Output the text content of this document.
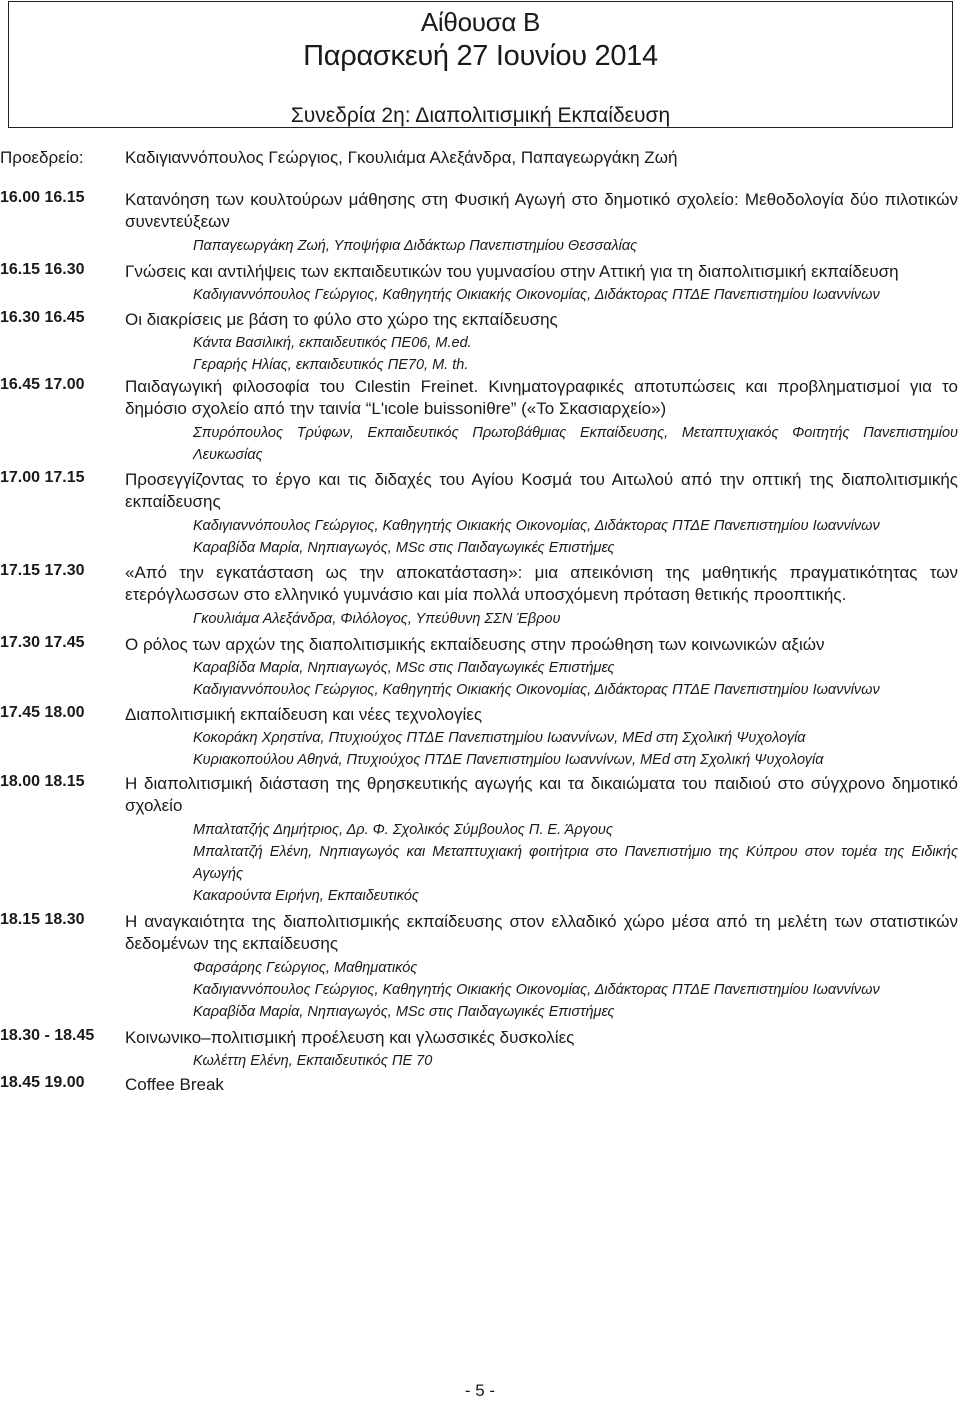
Αίθουσα Β
Παρασκευή 27 Ιουνίου 2014
Συνεδρία 2η: Διαπολιτισμική Εκπαίδευση
Προεδρείο: Καδιγιαννόπουλος Γεώργιος, Γκουλιάμα Αλεξάνδρα, Παπαγεωργάκη Ζωή
16.00 16.15 Κατανόηση των κουλτούρων μάθησης στη Φυσική Αγωγή στο δημοτικό σχολείο: Μεθοδολογία δύο πιλοτικών συνεντεύξεων
Παπαγεωργάκη Ζωή, Υποψήφια Διδάκτωρ Πανεπιστημίου Θεσσαλίας
16.15 16.30 Γνώσεις και αντιλήψεις των εκπαιδευτικών του γυμνασίου στην Αττική για τη διαπολιτισμική εκπαίδευση
Καδιγιαννόπουλος Γεώργιος, Καθηγητής Οικιακής Οικονομίας, Διδάκτορας ΠΤΔΕ Πανεπιστημίου Ιωαννίνων
16.30 16.45 Οι διακρίσεις με βάση το φύλο στο χώρο της εκπαίδευσης
Κάντα Βασιλική, εκπαιδευτικός ΠΕ06, M.ed.
Γεραρής Ηλίας, εκπαιδευτικός ΠΕ70, M. th.
16.45 17.00 Παιδαγωγική φιλοσοφία του Cιlestin Freinet. Κινηματογραφικές αποτυπώσεις και προβληματισμοί για το δημόσιο σχολείο από την ταινία “L'ιcole buissoniθre” («Το Σκασιαρχείο»)
Σπυρόπουλος Τρύφων, Εκπαιδευτικός Πρωτοβάθμιας Εκπαίδευσης, Μεταπτυχιακός Φοιτητής Πανεπιστημίου Λευκωσίας
17.00 17.15 Προσεγγίζοντας το έργο και τις διδαχές του Αγίου Κοσμά του Αιτωλού από την οπτική της διαπολιτισμικής εκπαίδευσης
Καδιγιαννόπουλος Γεώργιος, Καθηγητής Οικιακής Οικονομίας, Διδάκτορας ΠΤΔΕ Πανεπιστημίου Ιωαννίνων
Καραβίδα Μαρία, Νηπιαγωγός, MSc στις Παιδαγωγικές Επιστήμες
17.15 17.30 «Από την εγκατάσταση ως την αποκατάσταση»: μια απεικόνιση της μαθητικής πραγματικότητας των ετερόγλωσσων στο ελληνικό γυμνάσιο και μία πολλά υποσχόμενη πρόταση θετικής προοπτικής.
Γκουλιάμα Αλεξάνδρα, Φιλόλογος, Υπεύθυνη ΣΣΝ Έβρου
17.30 17.45 Ο ρόλος των αρχών της διαπολιτισμικής εκπαίδευσης στην προώθηση των κοινωνικών αξιών
Καραβίδα Μαρία, Νηπιαγωγός, MSc στις Παιδαγωγικές Επιστήμες
Καδιγιαννόπουλος Γεώργιος, Καθηγητής Οικιακής Οικονομίας, Διδάκτορας ΠΤΔΕ Πανεπιστημίου Ιωαννίνων
17.45 18.00 Διαπολιτισμική εκπαίδευση και νέες τεχνολογίες
Κοκοράκη Χρηστίνα, Πτυχιούχος ΠΤΔΕ Πανεπιστημίου Ιωαννίνων, MEd στη Σχολική Ψυχολογία
Κυριακοπούλου Αθηνά, Πτυχιούχος ΠΤΔΕ Πανεπιστημίου Ιωαννίνων, MEd στη Σχολική Ψυχολογία
18.00 18.15 Η διαπολιτισμική διάσταση της θρησκευτικής αγωγής και τα δικαιώματα του παιδιού στο σύγχρονο δημοτικό σχολείο
Μπαλτατζής Δημήτριος, Δρ. Φ. Σχολικός Σύμβουλος Π. Ε. Άργους
Μπαλτατζή Ελένη, Νηπιαγωγός και Μεταπτυχιακή φοιτήτρια στο Πανεπιστήμιο της Κύπρου στον τομέα της Ειδικής Αγωγής
Κακαρούντα Ειρήνη, Εκπαιδευτικός
18.15 18.30 Η αναγκαιότητα της διαπολιτισμικής εκπαίδευσης στον ελλαδικό χώρο μέσα από τη μελέτη των στατιστικών δεδομένων της εκπαίδευσης
Φαρσάρης Γεώργιος, Μαθηματικός
Καδιγιαννόπουλος Γεώργιος, Καθηγητής Οικιακής Οικονομίας, Διδάκτορας ΠΤΔΕ Πανεπιστημίου Ιωαννίνων
Καραβίδα Μαρία, Νηπιαγωγός, MSc στις Παιδαγωγικές Επιστήμες
18.30 - 18.45 Κοινωνικο–πολιτισμική προέλευση και γλωσσικές δυσκολίες
Κωλέττη Ελένη, Εκπαιδευτικός ΠΕ 70
18.45 19.00 Coffee Break
- 5 -
